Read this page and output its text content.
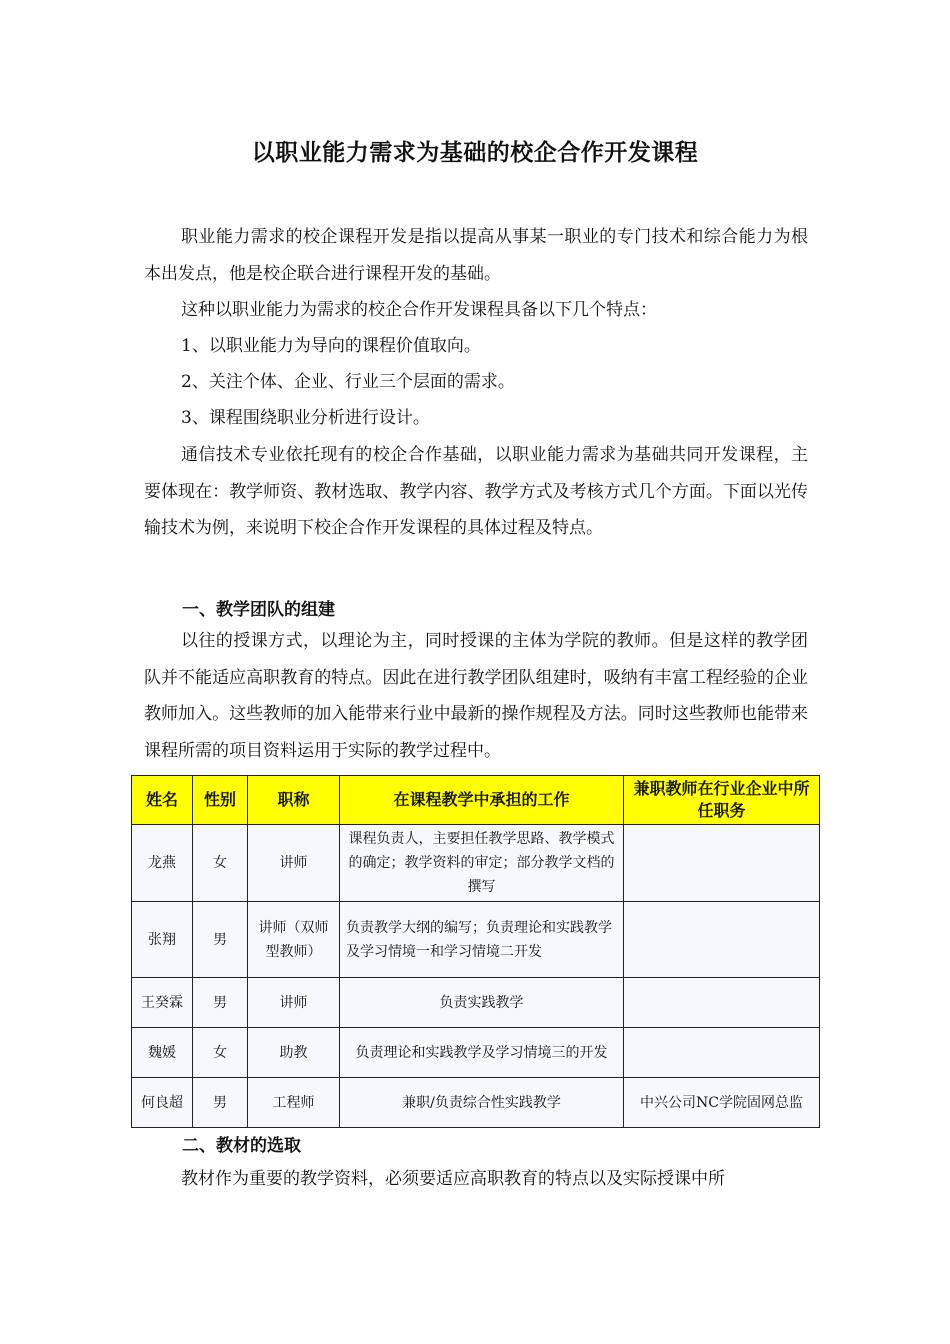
以职业能力需求为基础的校企合作开发课程
职业能力需求的校企课程开发是指以提高从事某一职业的专门技术和综合能力为根本出发点，他是校企联合进行课程开发的基础。
这种以职业能力为需求的校企合作开发课程具备以下几个特点：
1、以职业能力为导向的课程价值取向。
2、关注个体、企业、行业三个层面的需求。
3、课程围绕职业分析进行设计。
通信技术专业依托现有的校企合作基础，以职业能力需求为基础共同开发课程，主要体现在：教学师资、教材选取、教学内容、教学方式及考核方式几个方面。下面以光传输技术为例，来说明下校企合作开发课程的具体过程及特点。
一、教学团队的组建
以往的授课方式，以理论为主，同时授课的主体为学院的教师。但是这样的教学团队并不能适应高职教育的特点。因此在进行教学团队组建时，吸纳有丰富工程经验的企业教师加入。这些教师的加入能带来行业中最新的操作规程及方法。同时这些教师也能带来课程所需的项目资料运用于实际的教学过程中。
姓名	性别	职称	在课程教学中承担的工作	兼职教师在行业企业中所任职务
龙燕	女	讲师	课程负责人，主要担任教学思路、教学模式的确定；教学资料的审定；部分教学文档的撰写	
张翔	男	讲师（双师型教师）	负责教学大纲的编写；负责理论和实践教学及学习情境一和学习情境二开发	
王癸霖	男	讲师	负责实践教学	
魏媛	女	助教	负责理论和实践教学及学习情境三的开发	
何良超	男	工程师	兼职/负责综合性实践教学	中兴公司NC学院固网总监
二、教材的选取
教材作为重要的教学资料，必须要适应高职教育的特点以及实际授课中所
